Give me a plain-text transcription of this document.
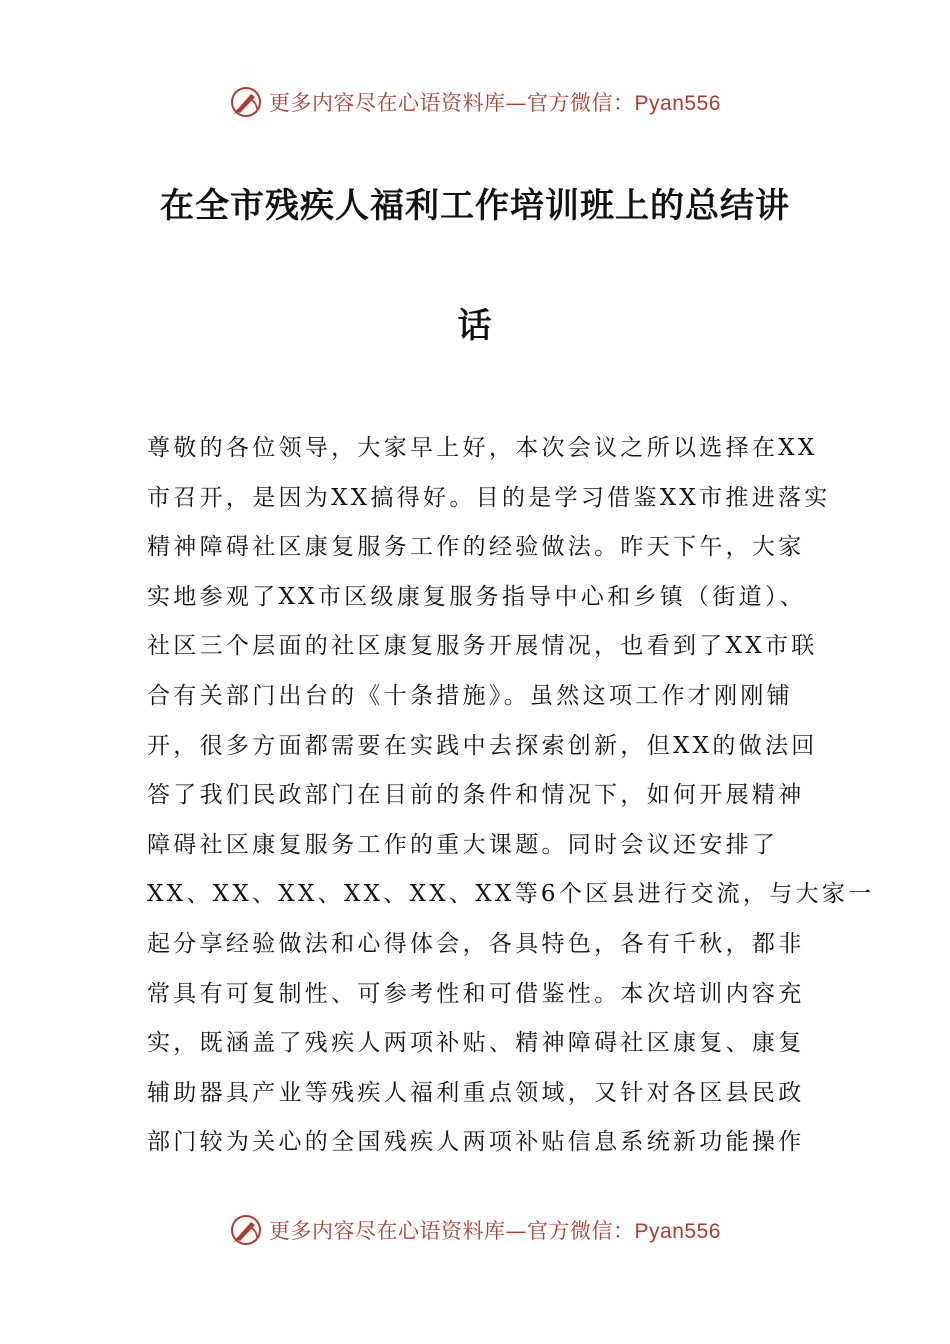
更多内容尽在心语资料库—官方微信：Pyan556
在全市残疾人福利工作培训班上的总结讲
话
尊敬的各位领导，大家早上好，本次会议之所以选择在XX
市召开，是因为XX搞得好。目的是学习借鉴XX市推进落实
精神障碍社区康复服务工作的经验做法。昨天下午，大家
实地参观了XX市区级康复服务指导中心和乡镇（街道）、
社区三个层面的社区康复服务开展情况，也看到了XX市联
合有关部门出台的《十条措施》。虽然这项工作才刚刚铺
开，很多方面都需要在实践中去探索创新，但XX的做法回
答了我们民政部门在目前的条件和情况下，如何开展精神
障碍社区康复服务工作的重大课题。同时会议还安排了
XX、XX、XX、XX、XX、XX等6个区县进行交流，与大家一
起分享经验做法和心得体会，各具特色，各有千秋，都非
常具有可复制性、可参考性和可借鉴性。本次培训内容充
实，既涵盖了残疾人两项补贴、精神障碍社区康复、康复
辅助器具产业等残疾人福利重点领域，又针对各区县民政
部门较为关心的全国残疾人两项补贴信息系统新功能操作
更多内容尽在心语资料库—官方微信：Pyan556
